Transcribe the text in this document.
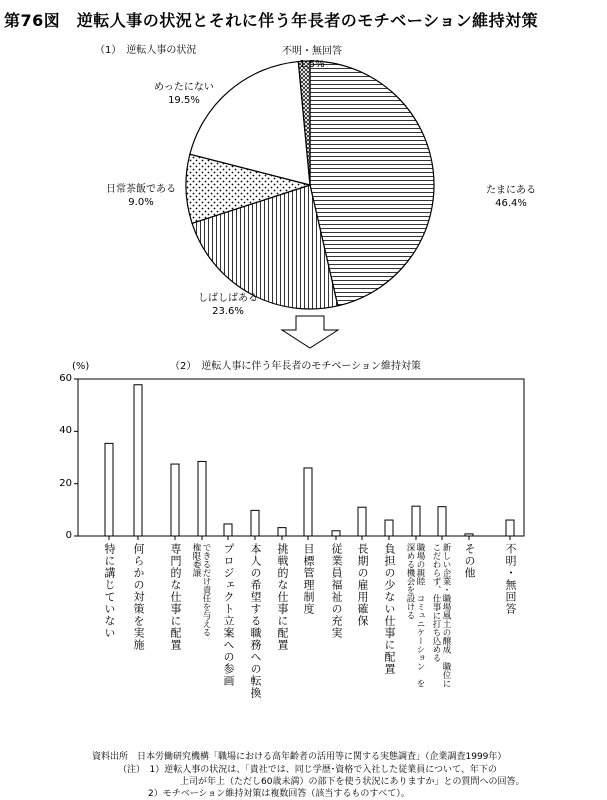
第76図　逆転人事の状況とそれに伴う年長者のモチベーション維持対策
（1）　逆転人事の状況
たまにある
46.4%
しばしばある
23.6%
日常茶飯である
9.0%
めったにない
19.5%
不明・無回答
1.5%
(%)	（2）　逆転人事に伴う年長者のモチベーション維持対策
0
20
40
60
特に講じていない 何らかの対策を実施 専門的な仕事に配置 できるだけ責任を与える
権限委譲 プロジェクト立案への参画 本人の希望する職務への転換 挑戦的な仕事に配置 目標管理制度 従業員福祉の充実 長期の雇用確保 負担の少ない仕事に配置 職場の親睦　コミュニケーション　を
深める機会を設ける	新しい企業・職場風土の醸成　職位に
こだわらず、仕事に打ち込める その他	不明・無回答
資料出所　日本労働研究機構「職場における高年齢者の活用等に関する実態調査」（企業調査1999年）
（注）　1）逆転人事の状況は、「貴社では、同じ学歴･資格で入社した従業員について、年下の
上司が年上（ただし60歳未満）の部下を使う状況にありますか」との質問への回答。
2）モチベーション維持対策は複数回答（該当するものすべて）。
